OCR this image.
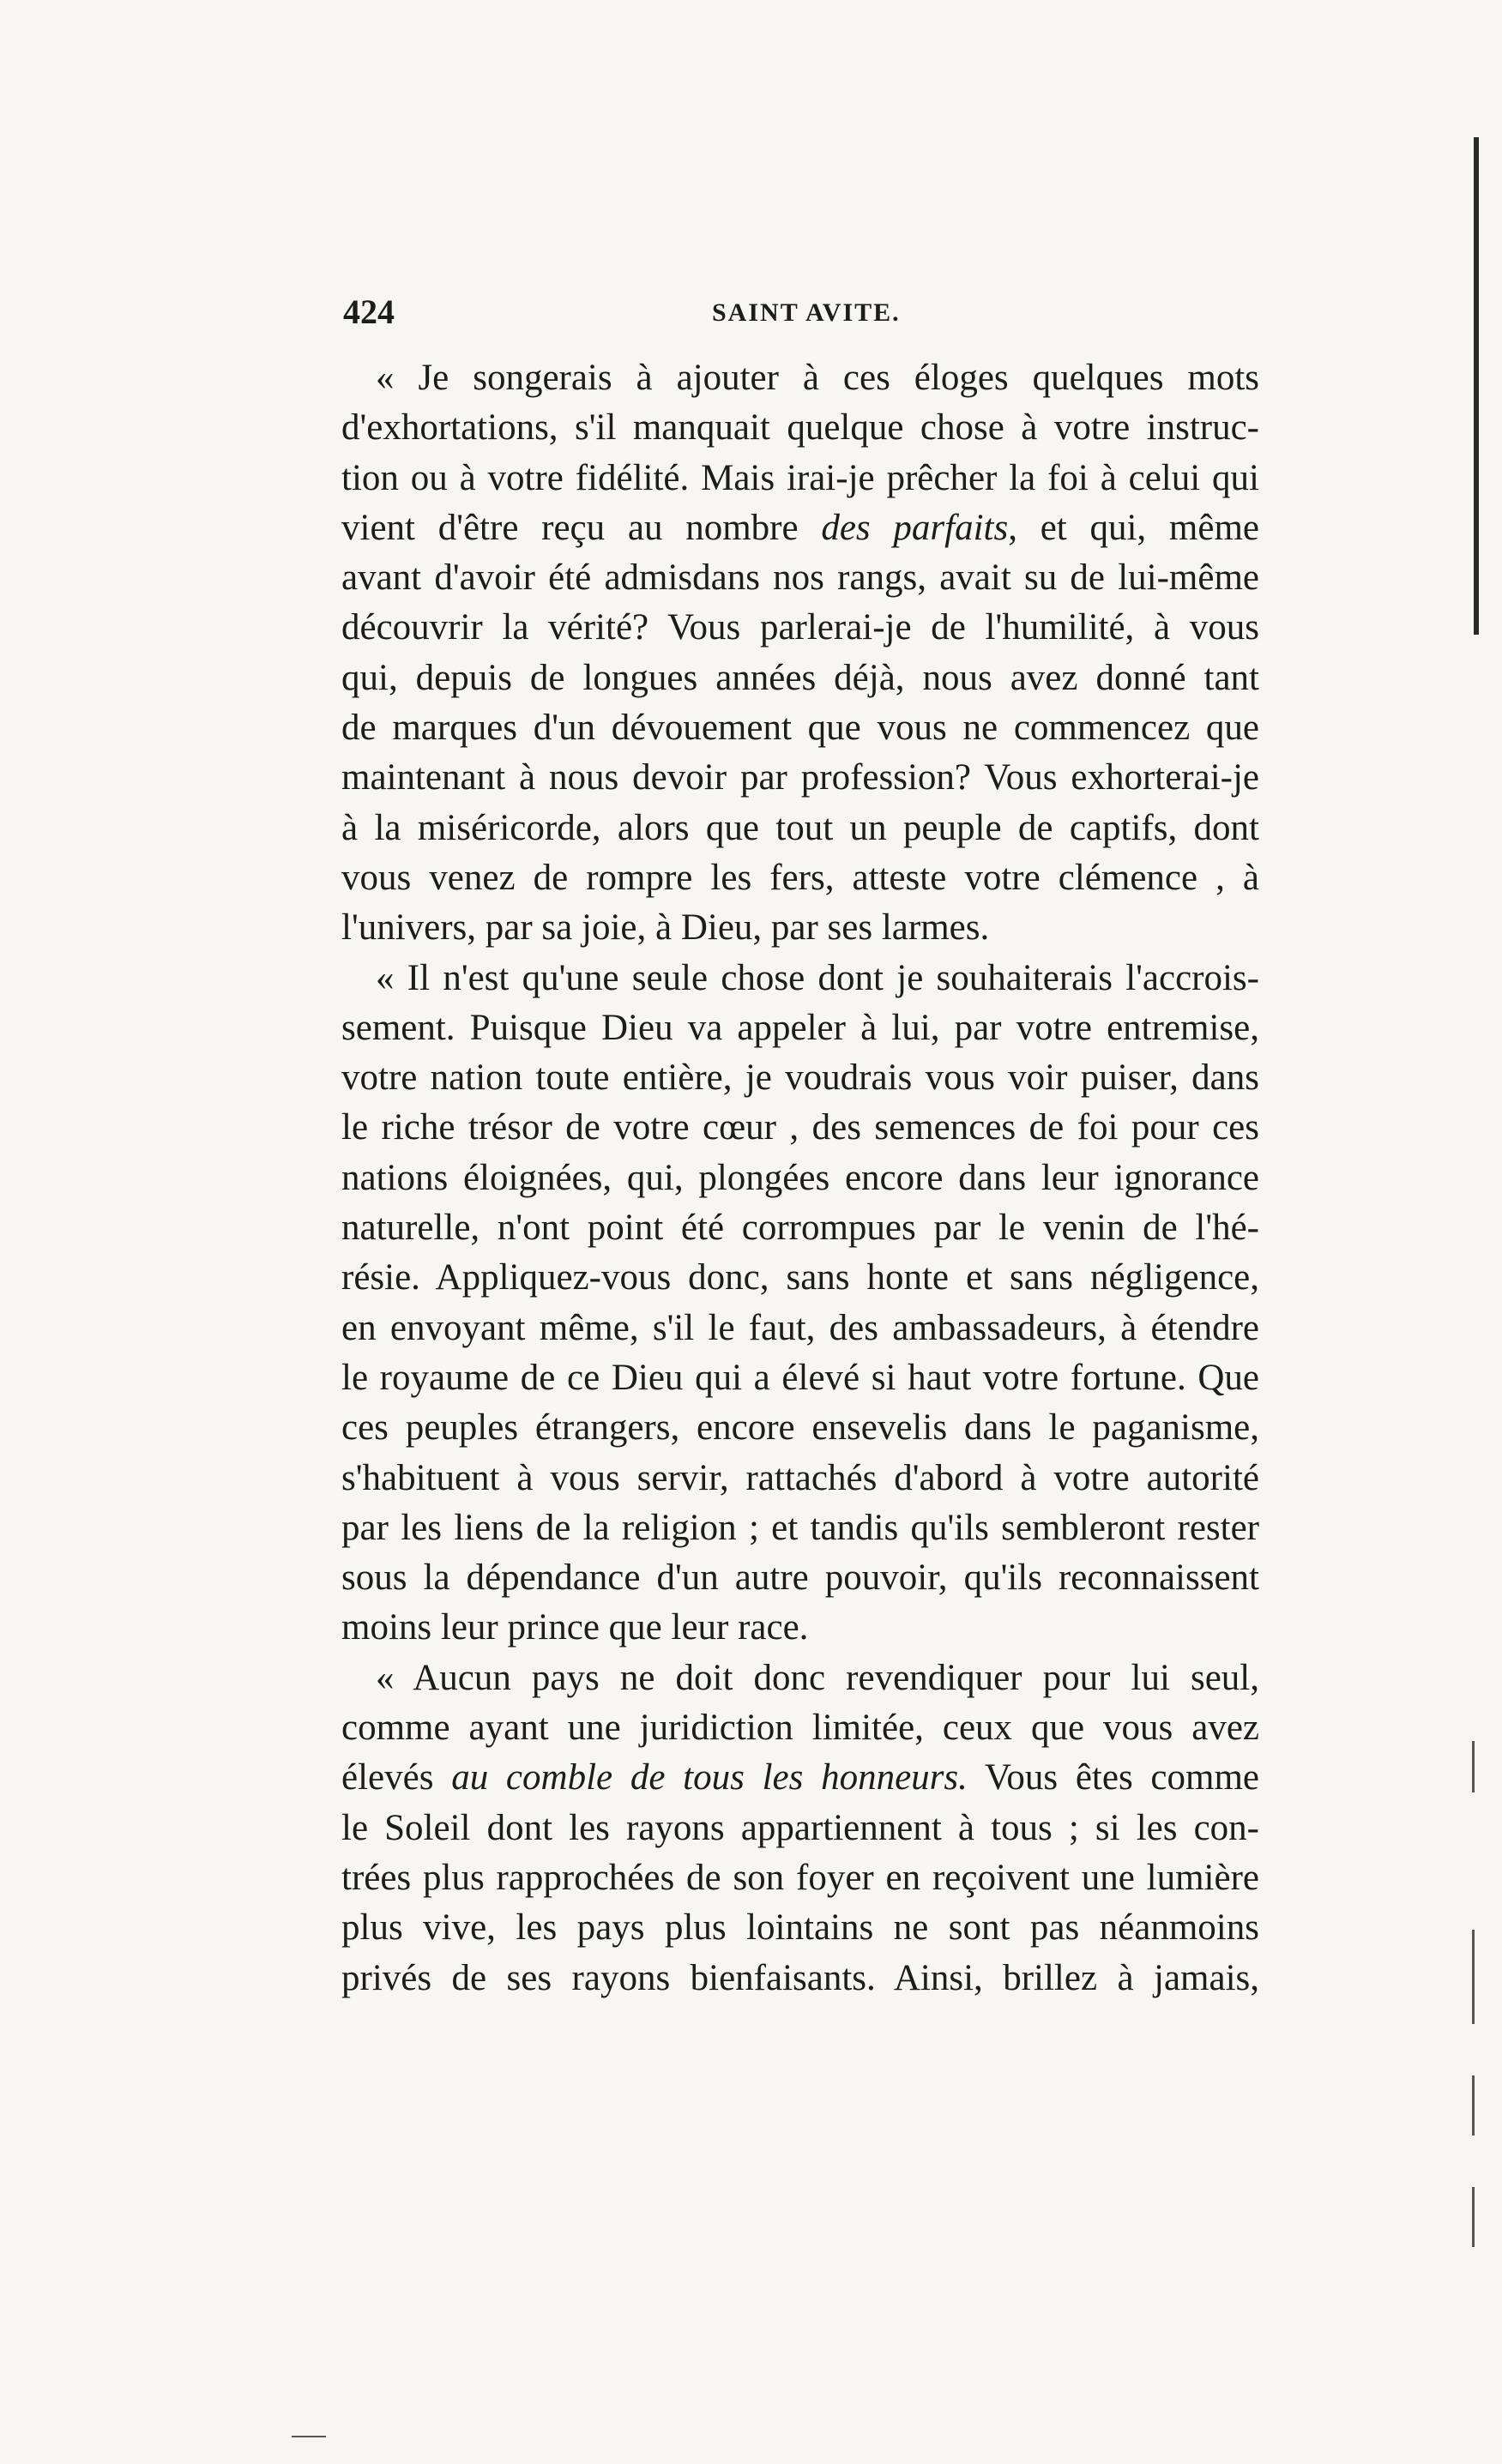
424	SAINT AVITE.
« Je songerais à ajouter à ces éloges quelques mots
d'exhortations, s'il manquait quelque chose à votre instruc-
tion ou à votre fidélité. Mais irai-je prêcher la foi à celui qui
vient d'être reçu au nombre des parfaits, et qui, même
avant d'avoir été admisdans nos rangs, avait su de lui-même
découvrir la vérité? Vous parlerai-je de l'humilité, à vous
qui, depuis de longues années déjà, nous avez donné tant
de marques d'un dévouement que vous ne commencez que
maintenant à nous devoir par profession? Vous exhorterai-je
à la miséricorde, alors que tout un peuple de captifs, dont
vous venez de rompre les fers, atteste votre clémence , à
l'univers, par sa joie, à Dieu, par ses larmes.
« Il n'est qu'une seule chose dont je souhaiterais l'accrois-
sement. Puisque Dieu va appeler à lui, par votre entremise,
votre nation toute entière, je voudrais vous voir puiser, dans
le riche trésor de votre cœur , des semences de foi pour ces
nations éloignées, qui, plongées encore dans leur ignorance
naturelle, n'ont point été corrompues par le venin de l'hé-
résie. Appliquez-vous donc, sans honte et sans négligence,
en envoyant même, s'il le faut, des ambassadeurs, à étendre
le royaume de ce Dieu qui a élevé si haut votre fortune. Que
ces peuples étrangers, encore ensevelis dans le paganisme,
s'habituent à vous servir, rattachés d'abord à votre autorité
par les liens de la religion ; et tandis qu'ils sembleront rester
sous la dépendance d'un autre pouvoir, qu'ils reconnaissent
moins leur prince que leur race.
« Aucun pays ne doit donc revendiquer pour lui seul,
comme ayant une juridiction limitée, ceux que vous avez
élevés au comble de tous les honneurs. Vous êtes comme
le Soleil dont les rayons appartiennent à tous ; si les con-
trées plus rapprochées de son foyer en reçoivent une lumière
plus vive, les pays plus lointains ne sont pas néanmoins
privés de ses rayons bienfaisants. Ainsi, brillez à jamais,
